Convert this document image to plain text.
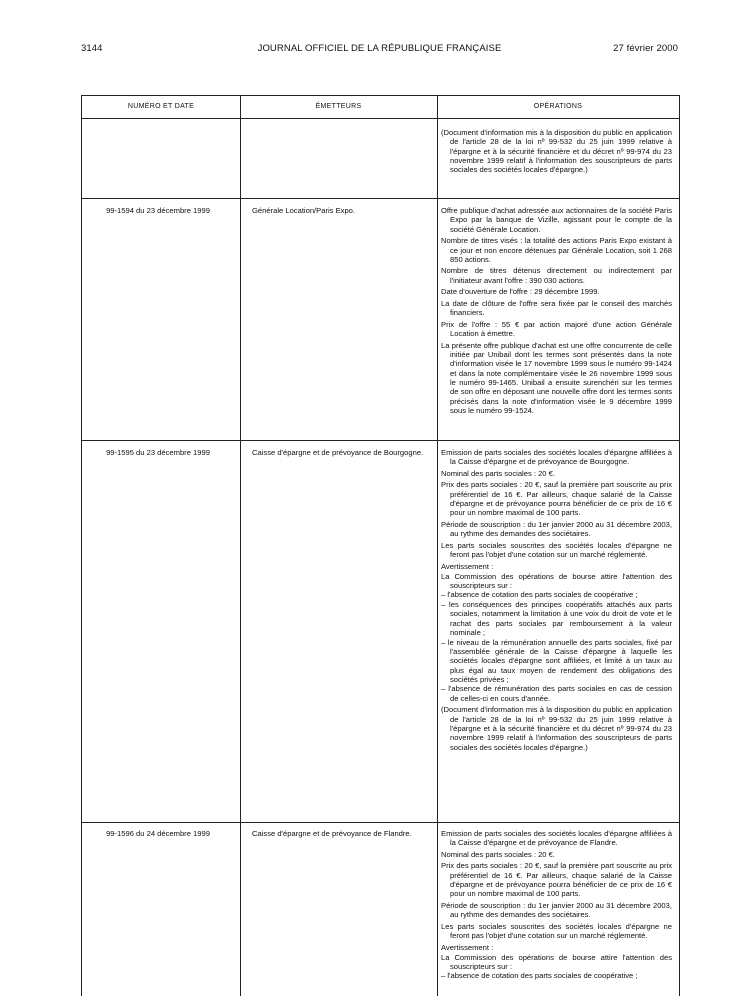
3144	JOURNAL OFFICIEL DE LA RÉPUBLIQUE FRANÇAISE	27 février 2000
NUMÉRO ET DATE	ÉMETTEURS	OPÉRATIONS

(Document d'information mis à la disposition du public en application de l'article 28 de la loi nº 99-532 du 25 juin 1999 relative à l'épargne et à la sécurité financière et du décret nº 99-974 du 23 novembre 1999 relatif à l'information des souscripteurs de parts sociales des sociétés locales d'épargne.)

99-1594 du 23 décembre 1999	Générale Location/Paris Expo.	Offre publique d'achat adressée aux actionnaires de la société Paris Expo par la banque de Vizille, agissant pour le compte de la société Générale Location.

Nombre de titres visés : la totalité des actions Paris Expo existant à ce jour et non encore détenues par Générale Location, soit 1 268 850 actions.

Nombre de titres détenus directement ou indirectement par l'initiateur avant l'offre : 390 030 actions.

Date d'ouverture de l'offre : 29 décembre 1999.

La date de clôture de l'offre sera fixée par le conseil des marchés financiers.

Prix de l'offre : 55 € par action majoré d'une action Générale Location à émettre.

La présente offre publique d'achat est une offre concurrente de celle initiée par Unibail dont les termes sont présentés dans la note d'information visée le 17 novembre 1999 sous le numéro 99-1424 et dans la note complémentaire visée le 26 novembre 1999 sous le numéro 99-1465. Unibail a ensuite surenchéri sur les termes de son offre en déposant une nouvelle offre dont les termes sonts précisés dans la note d'information visée le 9 décembre 1999 sous le numéro 99-1524.

99-1595 du 23 décembre 1999	Caisse d'épargne et de prévoyance de Bourgogne.	Emission de parts sociales des sociétés locales d'épargne affiliées à la Caisse d'épargne et de prévoyance de Bourgogne.

Nominal des parts sociales : 20 €.

Prix des parts sociales : 20 €, sauf la première part souscrite au prix préférentiel de 16 €. Par ailleurs, chaque salarié de la Caisse d'épargne et de prévoyance pourra bénéficier de ce prix de 16 € pour un nombre maximal de 100 parts.

Période de souscription : du 1er janvier 2000 au 31 décembre 2003, au rythme des demandes des sociétaires.

Les parts sociales souscrites des sociétés locales d'épargne ne feront pas l'objet d'une cotation sur un marché réglementé.

Avertissement :

La Commission des opérations de bourse attire l'attention des souscripteurs sur :

– l'absence de cotation des parts sociales de coopérative ;

– les conséquences des principes coopératifs attachés aux parts sociales, notamment la limitation à une voix du droit de vote et le rachat des parts sociales par remboursement à la valeur nominale ;

– le niveau de la rémunération annuelle des parts sociales, fixé par l'assemblée générale de la Caisse d'épargne à laquelle les sociétés locales d'épargne sont affiliées, et limité à un taux au plus égal au taux moyen de rendement des obligations des sociétés privées ;

– l'absence de rémunération des parts sociales en cas de cession de celles-ci en cours d'année.

(Document d'information mis à la disposition du public en application de l'article 28 de la loi nº 99-532 du 25 juin 1999 relative à l'épargne et à la sécurité financière et du décret nº 99-974 du 23 novembre 1999 relatif à l'information des souscripteurs de parts sociales des sociétés locales d'épargne.)

99-1596 du 24 décembre 1999	Caisse d'épargne et de prévoyance de Flandre.	Emission de parts sociales des sociétés locales d'épargne affiliées à la Caisse d'épargne et de prévoyance de Flandre.

Nominal des parts sociales : 20 €.

Prix des parts sociales : 20 €, sauf la première part souscrite au prix préférentiel de 16 €. Par ailleurs, chaque salarié de la Caisse d'épargne et de prévoyance pourra bénéficier de ce prix de 16 € pour un nombre maximal de 100 parts.

Période de souscription : du 1er janvier 2000 au 31 décembre 2003, au rythme des demandes des sociétaires.

Les parts sociales souscrites des sociétés locales d'épargne ne feront pas l'objet d'une cotation sur un marché réglementé.

Avertissement :

La Commission des opérations de bourse attire l'attention des souscripteurs sur :

– l'absence de cotation des parts sociales de coopérative ;
